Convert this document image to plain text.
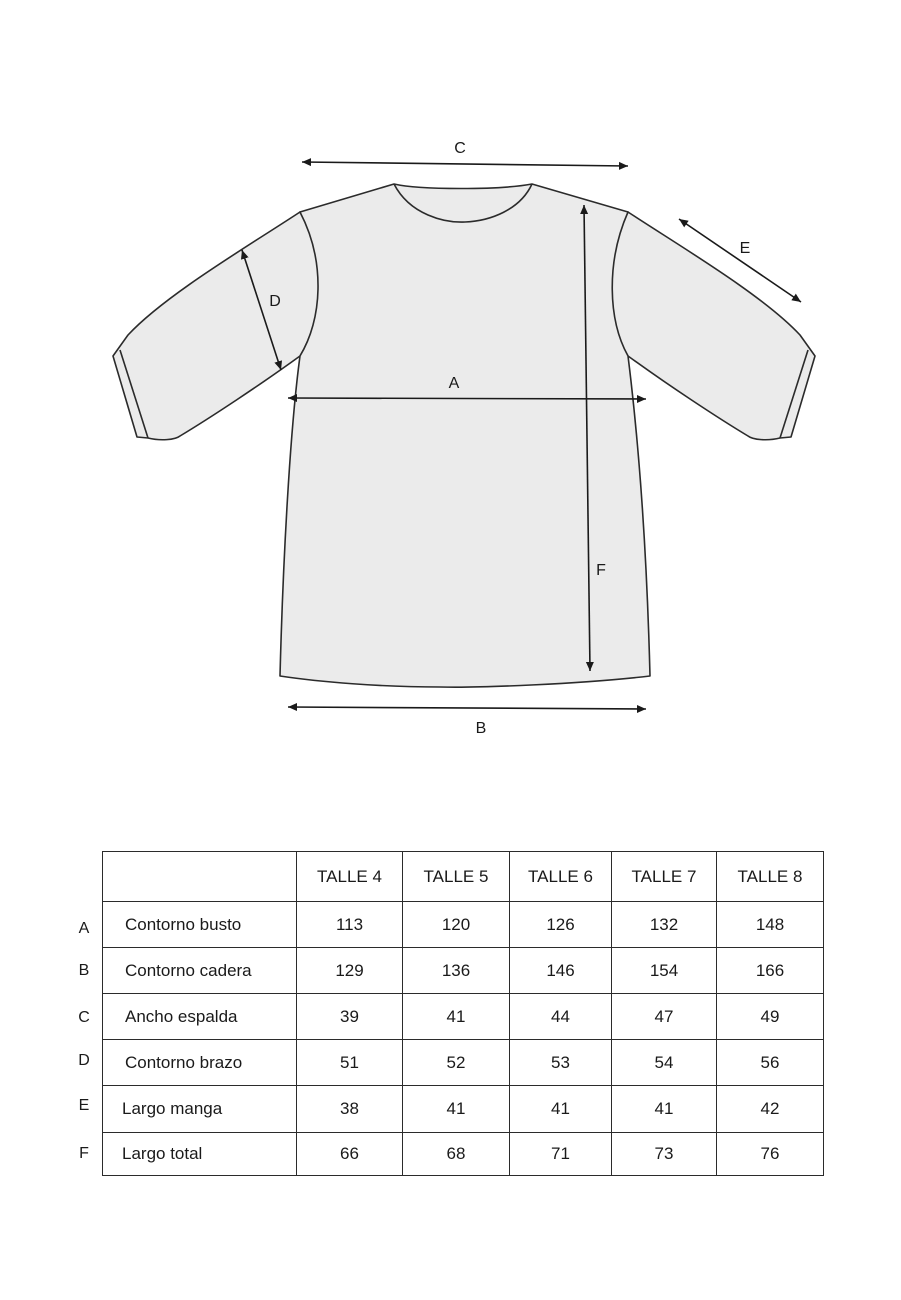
C
A
B
F
D
E
A
B
C
D
E
F
	TALLE 4	TALLE 5	TALLE 6	TALLE 7	TALLE 8
Contorno busto	113	120	126	132	148
Contorno cadera	129	136	146	154	166
Ancho espalda	39	41	44	47	49
Contorno brazo	51	52	53	54	56
Largo manga	38	41	41	41	42
Largo total	66	68	71	73	76
